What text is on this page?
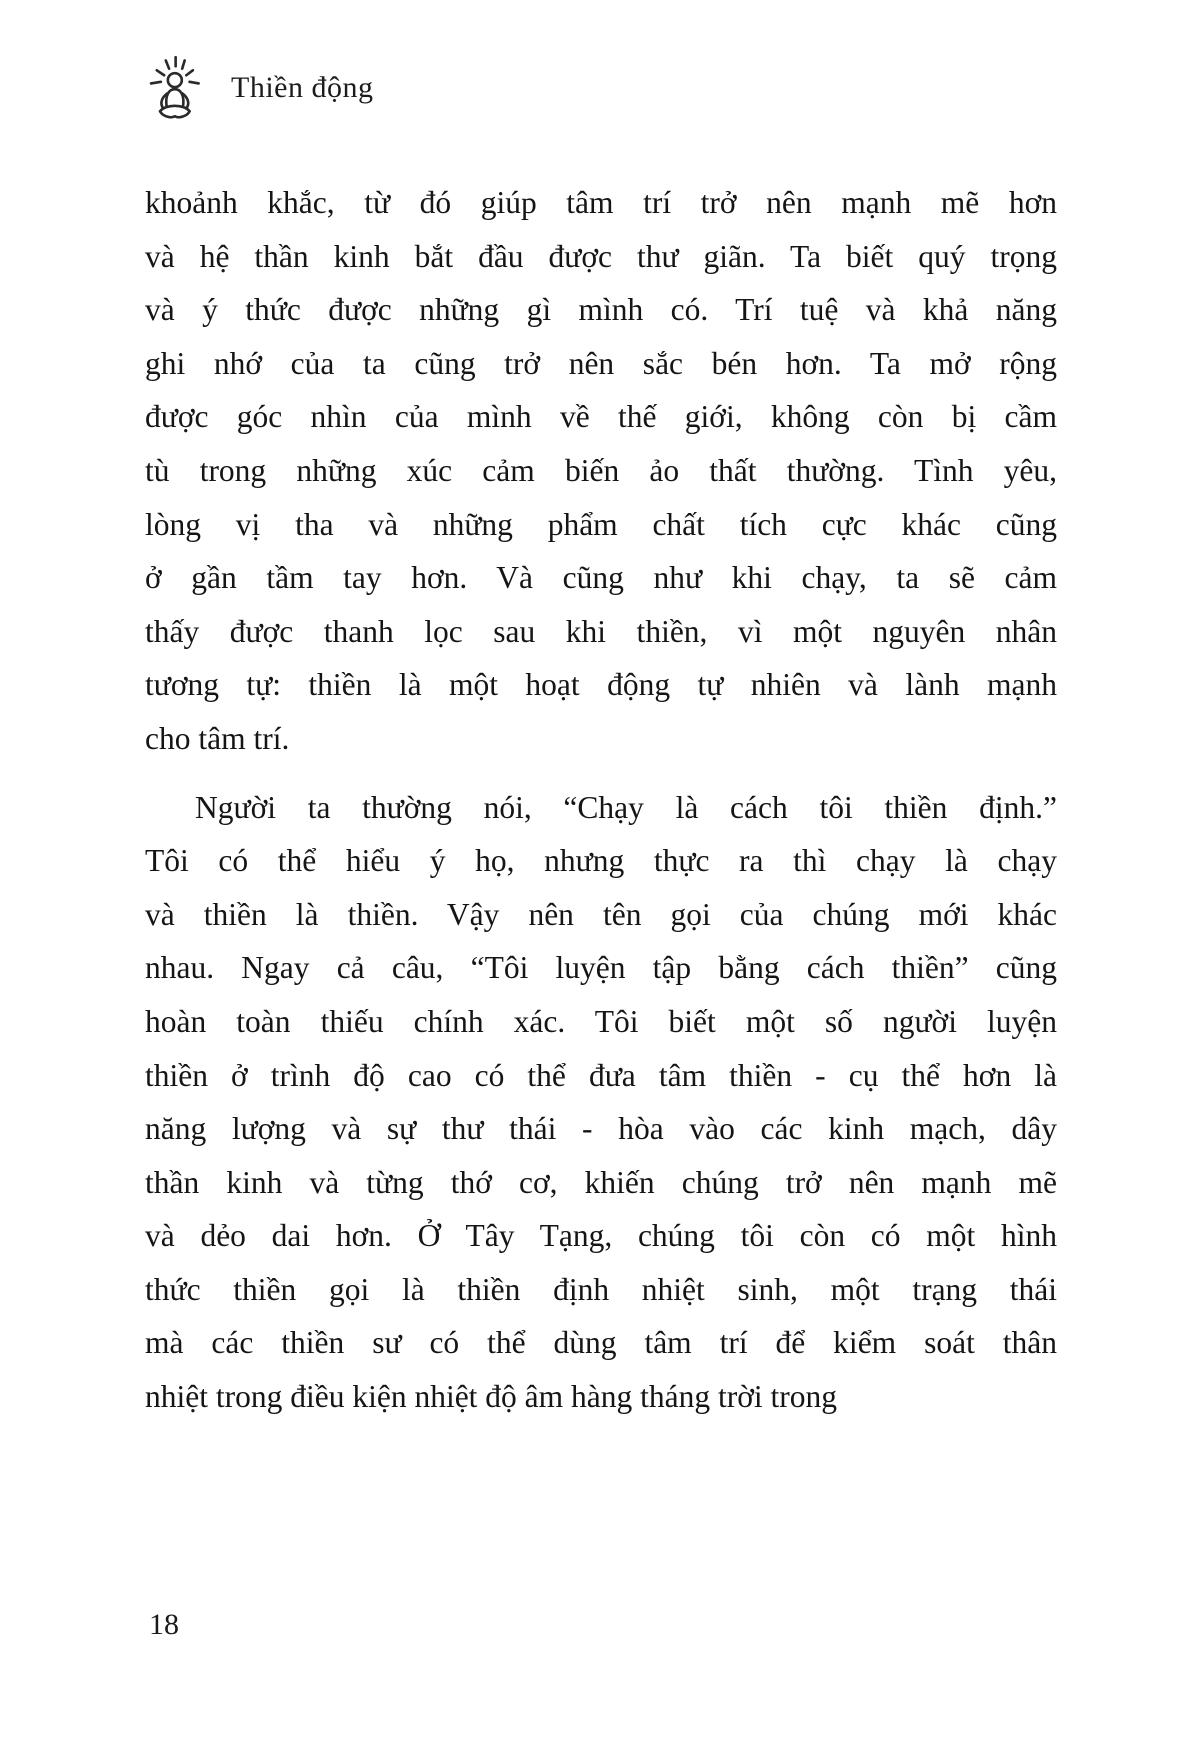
Thiền động
khoảnh khắc, từ đó giúp tâm trí trở nên mạnh mẽ hơn
và hệ thần kinh bắt đầu được thư giãn. Ta biết quý trọng
và ý thức được những gì mình có. Trí tuệ và khả năng
ghi nhớ của ta cũng trở nên sắc bén hơn. Ta mở rộng
được góc nhìn của mình về thế giới, không còn bị cầm
tù trong những xúc cảm biến ảo thất thường. Tình yêu,
lòng vị tha và những phẩm chất tích cực khác cũng
ở gần tầm tay hơn. Và cũng như khi chạy, ta sẽ cảm
thấy được thanh lọc sau khi thiền, vì một nguyên nhân
tương tự: thiền là một hoạt động tự nhiên và lành mạnh
cho tâm trí.
Người ta thường nói, “Chạy là cách tôi thiền định.”
Tôi có thể hiểu ý họ, nhưng thực ra thì chạy là chạy
và thiền là thiền. Vậy nên tên gọi của chúng mới khác
nhau. Ngay cả câu, “Tôi luyện tập bằng cách thiền” cũng
hoàn toàn thiếu chính xác. Tôi biết một số người luyện
thiền ở trình độ cao có thể đưa tâm thiền - cụ thể hơn là
năng lượng và sự thư thái - hòa vào các kinh mạch, dây
thần kinh và từng thớ cơ, khiến chúng trở nên mạnh mẽ
và dẻo dai hơn. Ở Tây Tạng, chúng tôi còn có một hình
thức thiền gọi là thiền định nhiệt sinh, một trạng thái
mà các thiền sư có thể dùng tâm trí để kiểm soát thân
nhiệt trong điều kiện nhiệt độ âm hàng tháng trời trong
18
